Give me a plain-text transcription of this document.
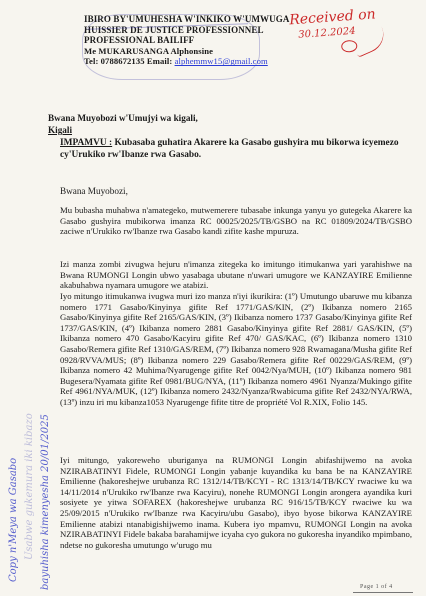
IBIRO BY'UMUHESHA W'INKIKO W'UMWUGA
HUISSIER DE JUSTICE PROFESSIONNEL
PROFESSIONAL BAILIFF
Me MUKARUSANGA Alphonsine
Tel: 0788672135 Email: alphemmw15@gmail.com
Received on
30.12.2024
Bwana Muyobozi w'Umujyi wa kigali,
Kigali
IMPAMVU : Kubasaba guhatira Akarere ka Gasabo gushyira mu bikorwa icyemezo cy'Urukiko rw'Ibanze rwa Gasabo.
Bwana Muyobozi,
Mu bubasha muhabwa n'amategeko, mutwemerere tubasabe inkunga yanyu yo gutegeka Akarere ka Gasabo gushyira mubikorwa imanza RC 00025/2025/TB/GSBO na RC 01809/2024/TB/GSBO zaciwe n'Urukiko rw'Ibanze rwa Gasabo kandi zifite kashe mpuruza.
Izi manza zombi zivugwa hejuru n'imanza zitegeka ko imitungo itimukanwa yari yarahishwe na Bwana RUMONGI Longin ubwo yasabaga ubutane n'uwari umugore we KANZAYIRE Emilienne akabuhabwa nyamara umugore we atabizi.
Iyo mitungo itimukanwa ivugwa muri izo manza n'iyi ikurikira: (1º) Umutungo ubaruwe mu kibanza nomero 1771 Gasabo/Kinyinya gifite Ref 1771/GAS/KIN, (2º) Ikibanza nomero 2165 Gasabo/Kinyinya gifite Ref 2165/GAS/KIN, (3º) Ikibanza nomero 1737 Gasabo/Kinyinya gifite Ref 1737/GAS/KIN, (4º) Ikibanza nomero 2881 Gasabo/Kinyinya gifite Ref 2881/ GAS/KIN, (5º) Ikibanza nomero 470 Gasabo/Kacyiru gifite Ref 470/ GAS/KAC, (6º) Ikibanza nomero 1310 Gasabo/Remera gifite Ref 1310/GAS/REM, (7º) Ikibanza nomero 928 Rwamagana/Musha gifite Ref 0928/RVVA/MUS; (8º) Ikibanza nomero 229 Gasabo/Remera gifite Ref 00229/GAS/REM, (9º) Ikibanza nomero 42 Muhima/Nyarugenge gifite Ref 0042/Nya/MUH, (10º) Ikibanza nomero 981 Bugesera/Nyamata gifite Ref 0981/BUG/NYA, (11º) Ikibanza nomero 4961 Nyanza/Mukingo gifite Ref 4961/NYA/MUK, (12º) Ikibanza nomero 2432/Nyanza/Rwabicuma gifite Ref 2432/NYA/RWA, (13º) inzu iri mu kibanza1053 Nyarugenge fifite titre de propriété Vol R.XIX, Folio 145.
Iyi mitungo, yakoreweho uburiganya na RUMONGI Longin abifashijwemo na avoka NZIRABATINYI Fidele, RUMONGI Longin yabanje kuyandika ku bana be na KANZAYIRE Emilienne (hakoreshejwe urubanza RC 1312/14/TB/KCYI - RC 1313/14/TB/KCY rwaciwe ku wa 14/11/2014 n'Urukiko rw'Ibanze rwa Kacyiru), nonehe RUMONGI Longin arongera ayandika kuri sosiyete ye yitwa SOFAREX (hakoreshejwe urubanza RC 916/15/TB/KCY rwaciwe ku wa 25/09/2015 n'Urukiko rw'Ibanze rwa Kacyiru/ubu Gasabo), ibyo byose bikorwa KANZAYIRE Emilienne atabizi ntanabigishijwemo inama. Kubera iyo mpamvu, RUMONGI Longin na avoka NZIRABATINYI Fidele bakaba barahamijwe icyaha cyo gukora no gukoresha inyandiko mpimbano, ndetse no gukoresha umutungo w'urugo mu
Page 1 of 4
Copy n'Meya wa Gasabo Usabwe gukemura iki kibazo bayuhisha kimenyesha 20/01/2025
